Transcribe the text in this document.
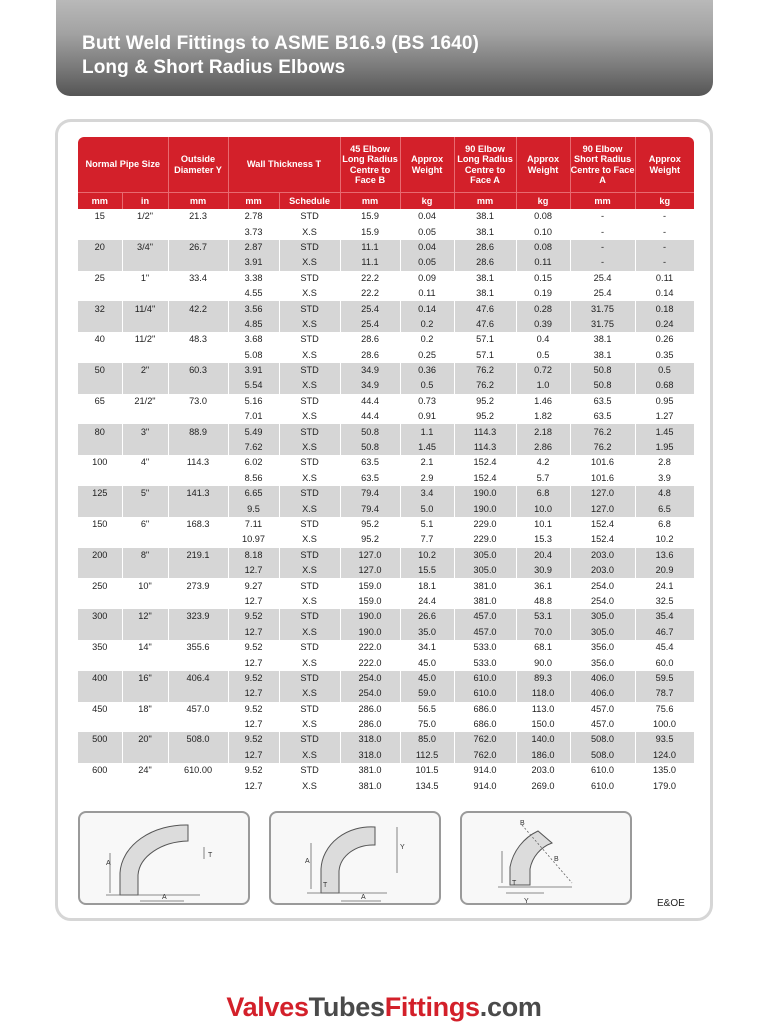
Butt Weld Fittings to ASME B16.9 (BS 1640)
Long & Short Radius Elbows
Normal Pipe Size		Outside Diameter Y	Wall Thickness T		45 Elbow Long Radius Centre to Face B	Approx Weight	90 Elbow Long Radius Centre to Face A	Approx Weight	90 Elbow Short Radius Centre to Face A	Approx Weight
mm	in	mm	mm	Schedule	mm	kg	mm	kg	mm	kg
15	1/2"	21.3	2.78	STD	15.9	0.04	38.1	0.08	-	-
			3.73	X.S	15.9	0.05	38.1	0.10	-	-
20	3/4"	26.7	2.87	STD	11.1	0.04	28.6	0.08	-	-
			3.91	X.S	11.1	0.05	28.6	0.11	-	-
25	1"	33.4	3.38	STD	22.2	0.09	38.1	0.15	25.4	0.11
			4.55	X.S	22.2	0.11	38.1	0.19	25.4	0.14
32	11/4"	42.2	3.56	STD	25.4	0.14	47.6	0.28	31.75	0.18
			4.85	X.S	25.4	0.2	47.6	0.39	31.75	0.24
40	11/2"	48.3	3.68	STD	28.6	0.2	57.1	0.4	38.1	0.26
			5.08	X.S	28.6	0.25	57.1	0.5	38.1	0.35
50	2"	60.3	3.91	STD	34.9	0.36	76.2	0.72	50.8	0.5
			5.54	X.S	34.9	0.5	76.2	1.0	50.8	0.68
65	21/2"	73.0	5.16	STD	44.4	0.73	95.2	1.46	63.5	0.95
			7.01	X.S	44.4	0.91	95.2	1.82	63.5	1.27
80	3"	88.9	5.49	STD	50.8	1.1	114.3	2.18	76.2	1.45
			7.62	X.S	50.8	1.45	114.3	2.86	76.2	1.95
100	4"	114.3	6.02	STD	63.5	2.1	152.4	4.2	101.6	2.8
			8.56	X.S	63.5	2.9	152.4	5.7	101.6	3.9
125	5"	141.3	6.65	STD	79.4	3.4	190.0	6.8	127.0	4.8
			9.5	X.S	79.4	5.0	190.0	10.0	127.0	6.5
150	6"	168.3	7.11	STD	95.2	5.1	229.0	10.1	152.4	6.8
			10.97	X.S	95.2	7.7	229.0	15.3	152.4	10.2
200	8"	219.1	8.18	STD	127.0	10.2	305.0	20.4	203.0	13.6
			12.7	X.S	127.0	15.5	305.0	30.9	203.0	20.9
250	10"	273.9	9.27	STD	159.0	18.1	381.0	36.1	254.0	24.1
			12.7	X.S	159.0	24.4	381.0	48.8	254.0	32.5
300	12"	323.9	9.52	STD	190.0	26.6	457.0	53.1	305.0	35.4
			12.7	X.S	190.0	35.0	457.0	70.0	305.0	46.7
350	14"	355.6	9.52	STD	222.0	34.1	533.0	68.1	356.0	45.4
			12.7	X.S	222.0	45.0	533.0	90.0	356.0	60.0
400	16"	406.4	9.52	STD	254.0	45.0	610.0	89.3	406.0	59.5
			12.7	X.S	254.0	59.0	610.0	118.0	406.0	78.7
450	18"	457.0	9.52	STD	286.0	56.5	686.0	113.0	457.0	75.6
			12.7	X.S	286.0	75.0	686.0	150.0	457.0	100.0
500	20"	508.0	9.52	STD	318.0	85.0	762.0	140.0	508.0	93.5
			12.7	X.S	318.0	112.5	762.0	186.0	508.0	124.0
600	24"	610.00	9.52	STD	381.0	101.5	914.0	203.0	610.0	135.0
			12.7	X.S	381.0	134.5	914.0	269.0	610.0	179.0
A
T
A
Y
A
T
A
B
B
T
Y	E&OE
ValvesTubesFittings.com
